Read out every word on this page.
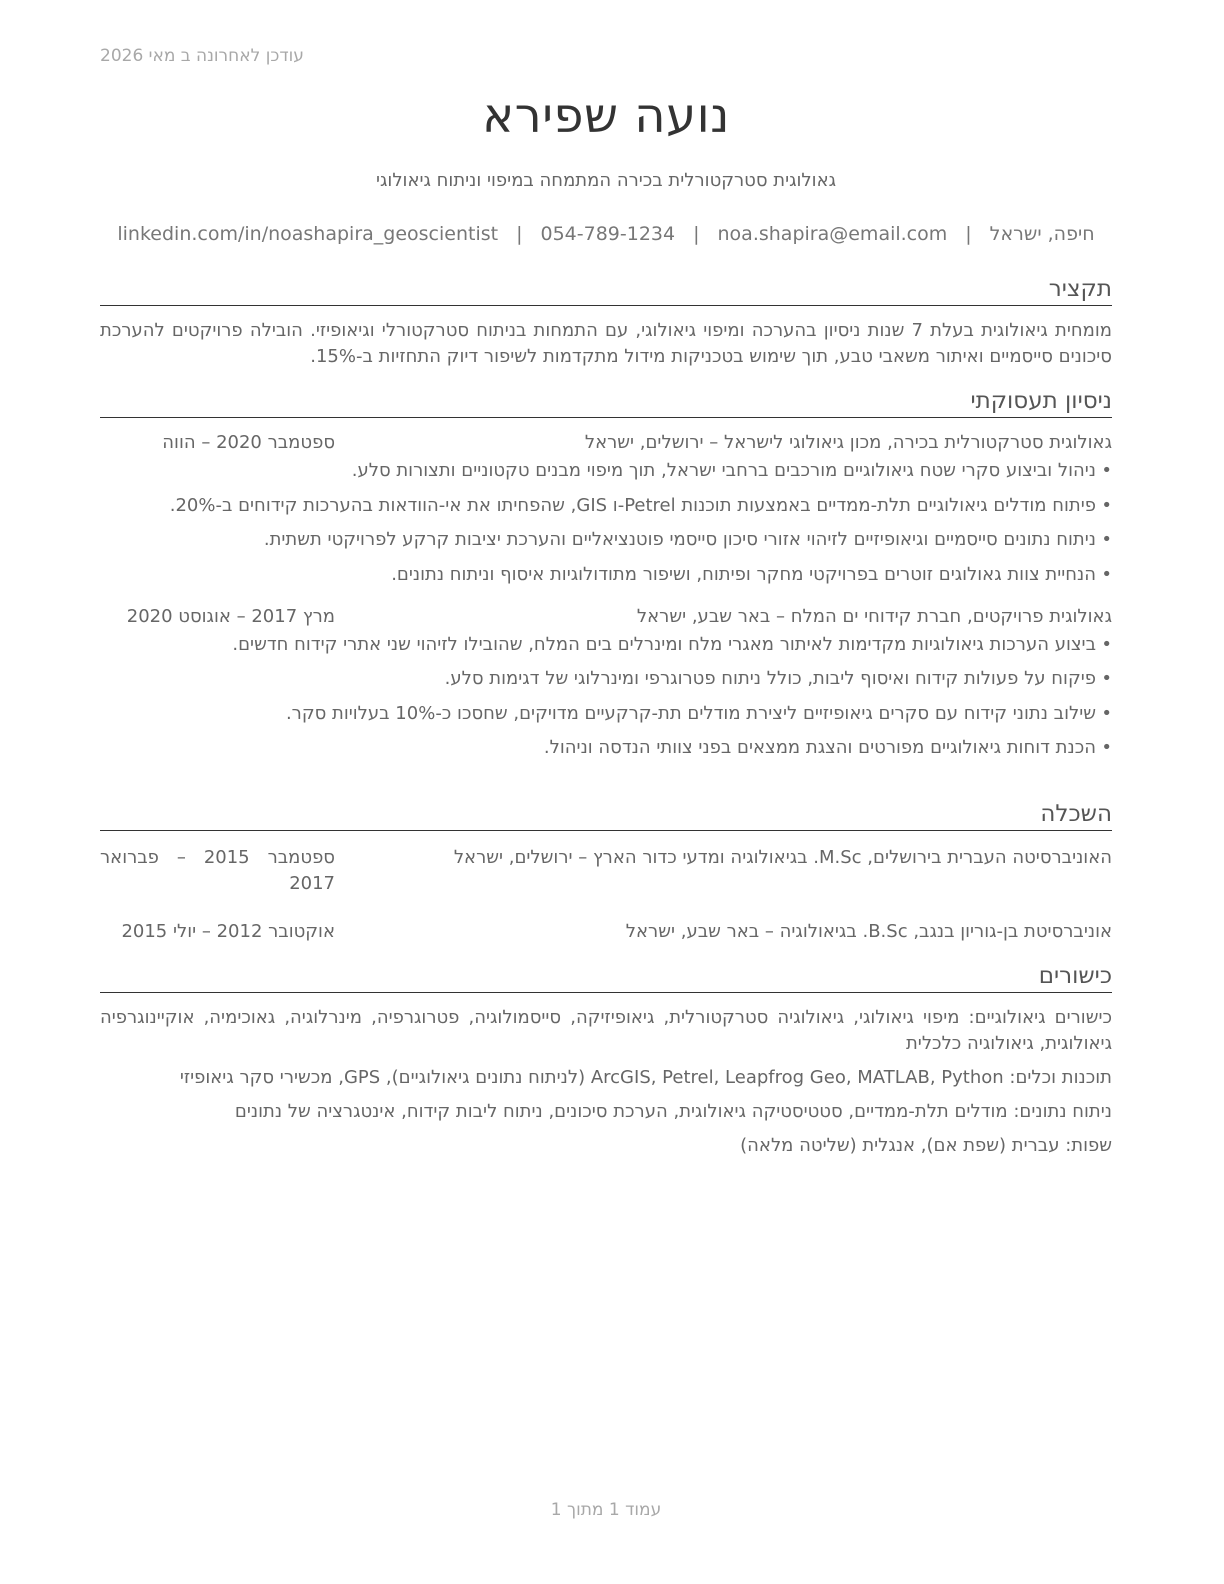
עודכן לאחרונה ב מאי 2026
נועה שפירא
גאולוגית סטרקטורלית בכירה המתמחה במיפוי וניתוח גיאולוגי
חיפה, ישראל
|
noa.shapira@email.com
|
054-789-1234
|
linkedin.com/in/noashapira_geoscientist
תקציר

מומחית גיאולוגית בעלת 7 שנות ניסיון בהערכה ומיפוי גיאולוגי, עם התמחות בניתוח סטרקטורלי וגיאופיזי. הובילה פרויקטים להערכת סיכונים סייסמיים ואיתור משאבי טבע, תוך שימוש בטכניקות מידול מתקדמות לשיפור דיוק התחזיות ב-15%.

ניסיון תעסוקתי
גאולוגית סטרקטורלית בכירה, מכון גיאולוגי לישראל – ירושלים, ישראל
ספטמבר 2020 – הווה
• ניהול וביצוע סקרי שטח גיאולוגיים מורכבים ברחבי ישראל, תוך מיפוי מבנים טקטוניים ותצורות סלע.
• פיתוח מודלים גיאולוגיים תלת-ממדיים באמצעות תוכנות Petrel-ו GIS, שהפחיתו את אי-הוודאות בהערכות קידוחים ב-20%.
• ניתוח נתונים סייסמיים וגיאופיזיים לזיהוי אזורי סיכון סייסמי פוטנציאליים והערכת יציבות קרקע לפרויקטי תשתית.
• הנחיית צוות גאולוגים זוטרים בפרויקטי מחקר ופיתוח, ושיפור מתודולוגיות איסוף וניתוח נתונים.
גאולוגית פרויקטים, חברת קידוחי ים המלח – באר שבע, ישראל
מרץ 2017 – אוגוסט 2020
• ביצוע הערכות גיאולוגיות מקדימות לאיתור מאגרי מלח ומינרלים בים המלח, שהובילו לזיהוי שני אתרי קידוח חדשים.
• פיקוח על פעולות קידוח ואיסוף ליבות, כולל ניתוח פטרוגרפי ומינרלוגי של דגימות סלע.
• שילוב נתוני קידוח עם סקרים גיאופיזיים ליצירת מודלים תת-קרקעיים מדויקים, שחסכו כ-10% בעלויות סקר.
• הכנת דוחות גיאולוגיים מפורטים והצגת ממצאים בפני צוותי הנדסה וניהול.
השכלה
האוניברסיטה העברית בירושלים, M.Sc. בגיאולוגיה ומדעי כדור הארץ – ירושלים, ישראל
ספטמבר 2015 – פברואר 2017
אוניברסיטת בן-גוריון בנגב, B.Sc. בגיאולוגיה – באר שבע, ישראל
אוקטובר 2012 – יולי 2015
כישורים

כישורים גיאולוגיים: מיפוי גיאולוגי, גיאולוגיה סטרקטורלית, גיאופיזיקה, סייסמולוגיה, פטרוגרפיה, מינרלוגיה, גאוכימיה, אוקיינוגרפיה גיאולוגית, גיאולוגיה כלכלית

תוכנות וכלים: ArcGIS, Petrel, Leapfrog Geo, MATLAB, Python (לניתוח נתונים גיאולוגיים), GPS, מכשירי סקר גיאופיזי

ניתוח נתונים: מודלים תלת-ממדיים, סטטיסטיקה גיאולוגית, הערכת סיכונים, ניתוח ליבות קידוח, אינטגרציה של נתונים

שפות: עברית (שפת אם), אנגלית (שליטה מלאה)

עמוד 1 מתוך 1
